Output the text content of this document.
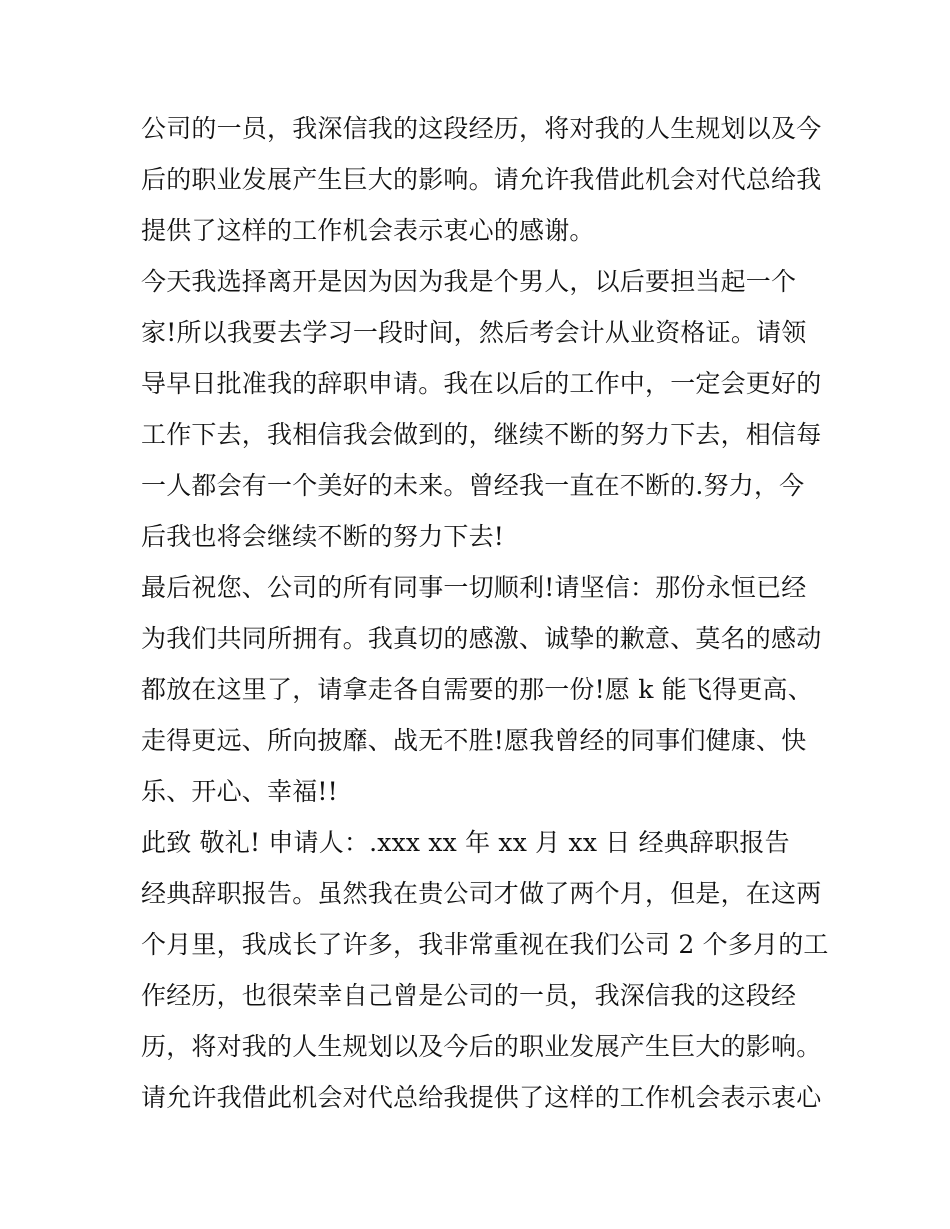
公司的一员，我深信我的这段经历，将对我的人生规划以及今

后的职业发展产生巨大的影响。请允许我借此机会对代总给我

提供了这样的工作机会表示衷心的感谢。

今天我选择离开是因为因为我是个男人，以后要担当起一个

家!所以我要去学习一段时间，然后考会计从业资格证。请领

导早日批准我的辞职申请。我在以后的工作中，一定会更好的

工作下去，我相信我会做到的，继续不断的努力下去，相信每

一人都会有一个美好的未来。曾经我一直在不断的.努力，今

后我也将会继续不断的努力下去!

最后祝您、公司的所有同事一切顺利!请坚信：那份永恒已经

为我们共同所拥有。我真切的感激、诚挚的歉意、莫名的感动

都放在这里了，请拿走各自需要的那一份!愿 k 能飞得更高、

走得更远、所向披靡、战无不胜!愿我曾经的同事们健康、快

乐、开心、幸福!!

此致 敬礼! 申请人：.xxx xx 年 xx 月 xx 日 经典辞职报告

经典辞职报告。虽然我在贵公司才做了两个月，但是，在这两

个月里，我成长了许多，我非常重视在我们公司 2 个多月的工

作经历，也很荣幸自己曾是公司的一员，我深信我的这段经

历，将对我的人生规划以及今后的职业发展产生巨大的影响。

请允许我借此机会对代总给我提供了这样的工作机会表示衷心
